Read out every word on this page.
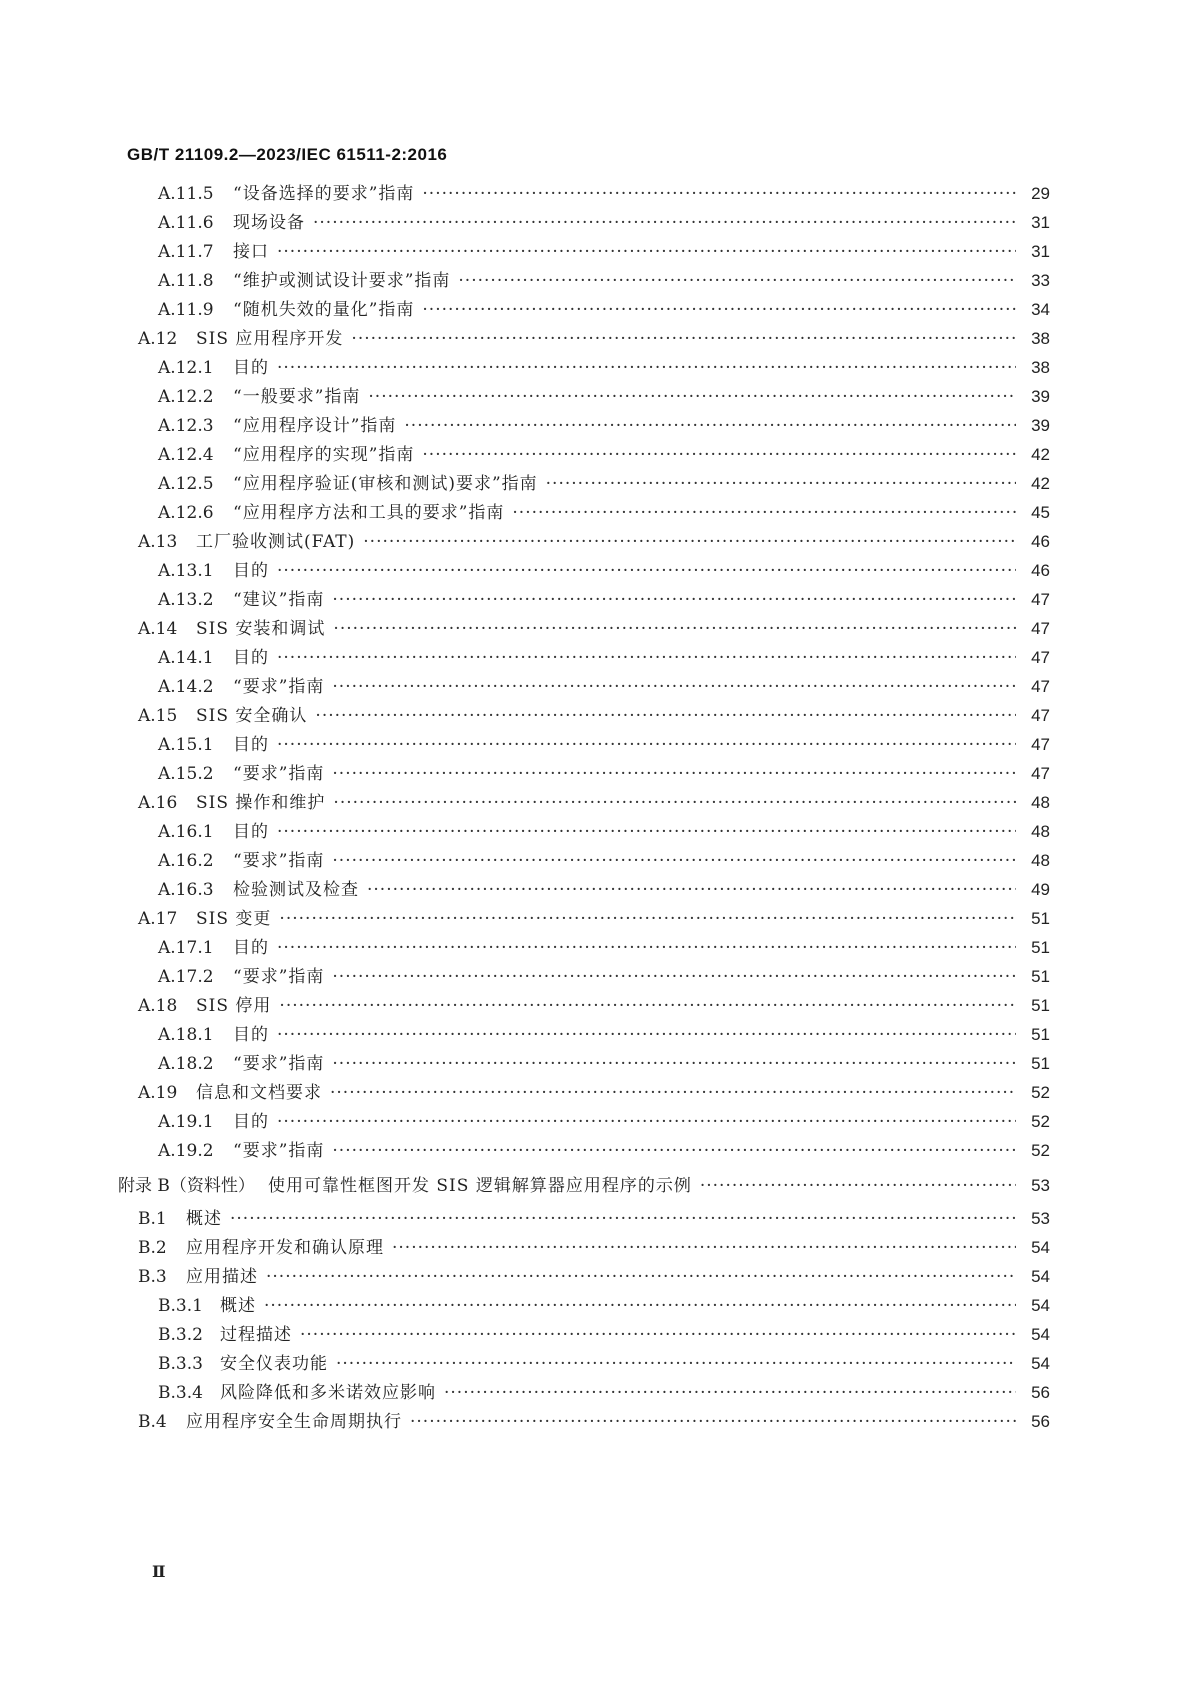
GB/T 21109.2—2023/IEC 61511-2:2016
A.11.5	“设备选择的要求”指南 ·····	29
A.11.6	现场设备 ·····	31
A.11.7	接口 ·····	31
A.11.8	“维护或测试设计要求”指南 ·····	33
A.11.9	“随机失效的量化”指南 ·····	34
A.12	SIS 应用程序开发 ·····	38
A.12.1	目的 ·····	38
A.12.2	“一般要求”指南 ·····	39
A.12.3	“应用程序设计”指南 ·····	39
A.12.4	“应用程序的实现”指南 ·····	42
A.12.5	“应用程序验证(审核和测试)要求”指南 ·····	42
A.12.6	“应用程序方法和工具的要求”指南 ·····	45
A.13	工厂验收测试(FAT) ·····	46
A.13.1	目的 ·····	46
A.13.2	“建议”指南 ·····	47
A.14	SIS 安装和调试 ·····	47
A.14.1	目的 ·····	47
A.14.2	“要求”指南 ·····	47
A.15	SIS 安全确认 ·····	47
A.15.1	目的 ·····	47
A.15.2	“要求”指南 ·····	47
A.16	SIS 操作和维护 ·····	48
A.16.1	目的 ·····	48
A.16.2	“要求”指南 ·····	48
A.16.3	检验测试及检查 ·····	49
A.17	SIS 变更 ·····	51
A.17.1	目的 ·····	51
A.17.2	“要求”指南 ·····	51
A.18	SIS 停用 ·····	51
A.18.1	目的 ·····	51
A.18.2	“要求”指南 ·····	51
A.19	信息和文档要求 ·····	52
A.19.1	目的 ·····	52
A.19.2	“要求”指南 ·····	52
附录 B（资料性） 使用可靠性框图开发 SIS 逻辑解算器应用程序的示例 ·····	53
B.1	概述 ·····	53
B.2	应用程序开发和确认原理 ·····	54
B.3	应用描述 ·····	54
B.3.1	概述 ·····	54
B.3.2	过程描述 ·····	54
B.3.3	安全仪表功能 ·····	54
B.3.4	风险降低和多米诺效应影响 ·····	56
B.4	应用程序安全生命周期执行 ·····	56
Ⅱ
